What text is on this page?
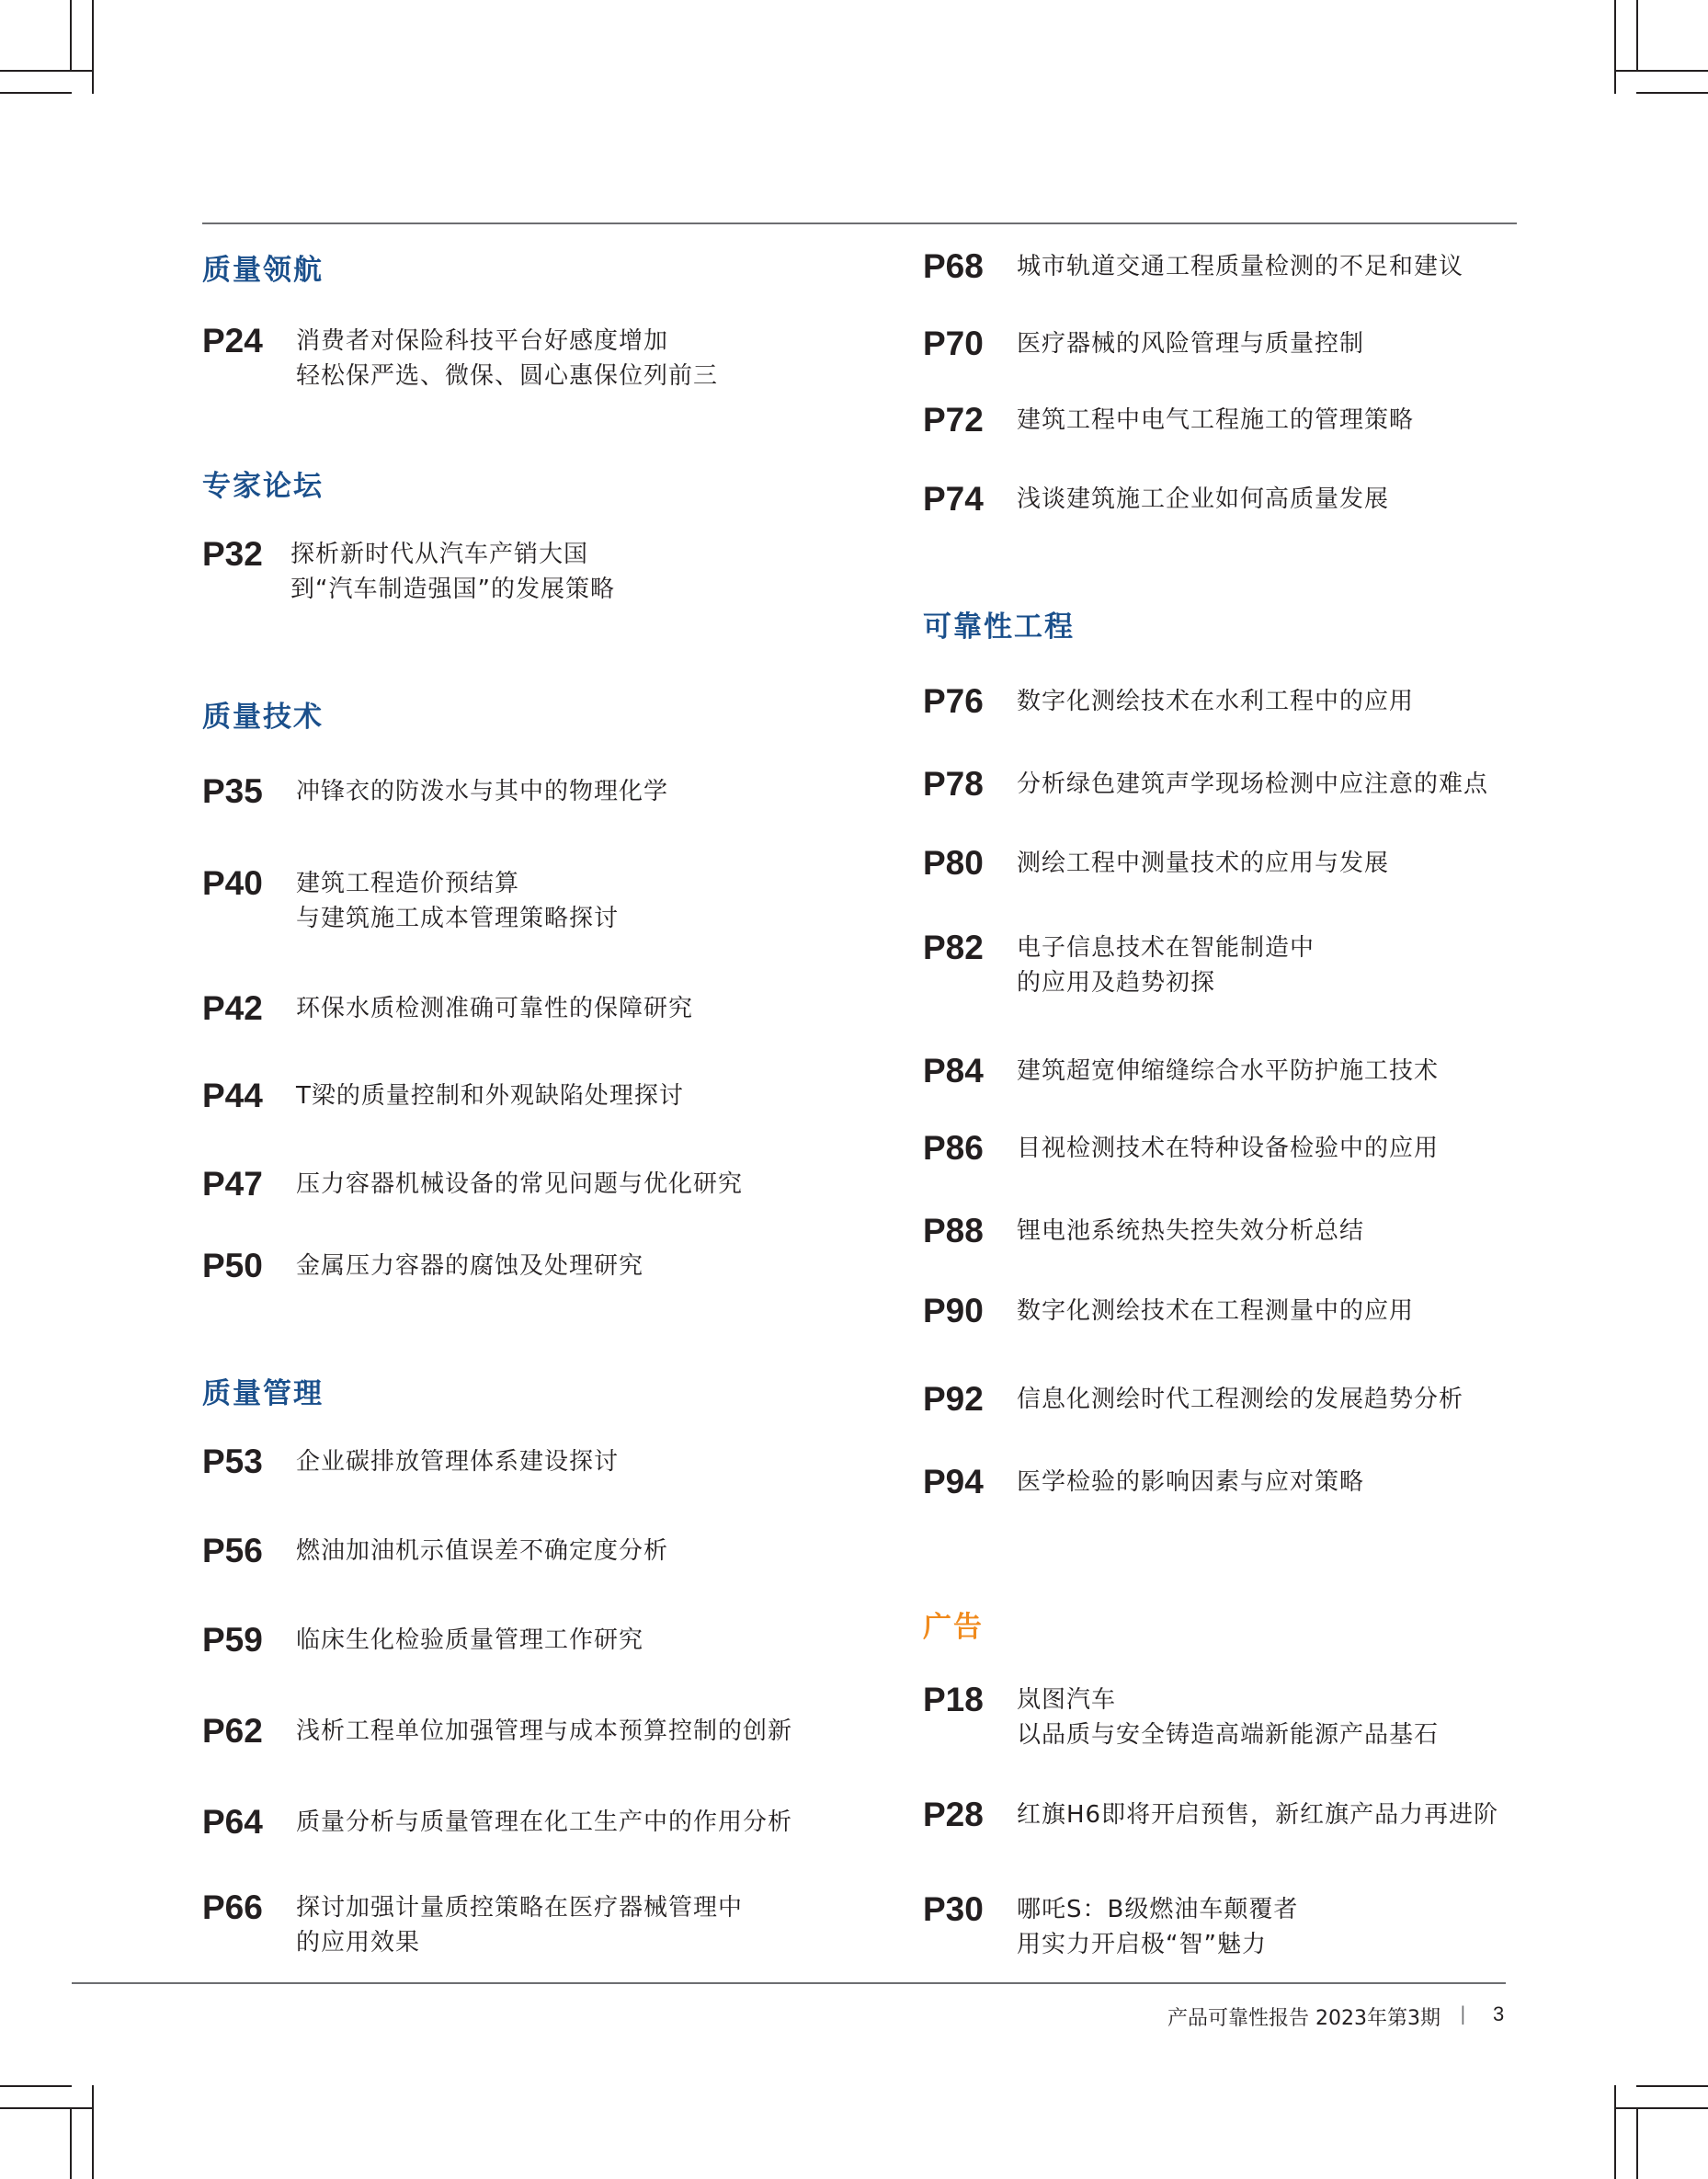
质量领航
P24	消费者对保险科技平台好感度增加
轻松保严选、微保、圆心惠保位列前三
专家论坛
P32	探析新时代从汽车产销大国
到“汽车制造强国”的发展策略
质量技术
P35	冲锋衣的防泼水与其中的物理化学
P40	建筑工程造价预结算
与建筑施工成本管理策略探讨
P42	环保水质检测准确可靠性的保障研究
P44	T梁的质量控制和外观缺陷处理探讨
P47	压力容器机械设备的常见问题与优化研究
P50	金属压力容器的腐蚀及处理研究
质量管理
P53	企业碳排放管理体系建设探讨
P56	燃油加油机示值误差不确定度分析
P59	临床生化检验质量管理工作研究
P62	浅析工程单位加强管理与成本预算控制的创新
P64	质量分析与质量管理在化工生产中的作用分析
P66	探讨加强计量质控策略在医疗器械管理中
的应用效果
P68	城市轨道交通工程质量检测的不足和建议
P70	医疗器械的风险管理与质量控制
P72	建筑工程中电气工程施工的管理策略
P74	浅谈建筑施工企业如何高质量发展
可靠性工程
P76	数字化测绘技术在水利工程中的应用
P78	分析绿色建筑声学现场检测中应注意的难点
P80	测绘工程中测量技术的应用与发展
P82	电子信息技术在智能制造中
的应用及趋势初探
P84	建筑超宽伸缩缝综合水平防护施工技术
P86	目视检测技术在特种设备检验中的应用
P88	锂电池系统热失控失效分析总结
P90	数字化测绘技术在工程测量中的应用
P92	信息化测绘时代工程测绘的发展趋势分析
P94	医学检验的影响因素与应对策略
广告
P18	岚图汽车
以品质与安全铸造高端新能源产品基石
P28	红旗H6即将开启预售，新红旗产品力再进阶
P30	哪吒S：B级燃油车颠覆者
用实力开启极“智”魅力
产品可靠性报告 2023年第3期 | 3
